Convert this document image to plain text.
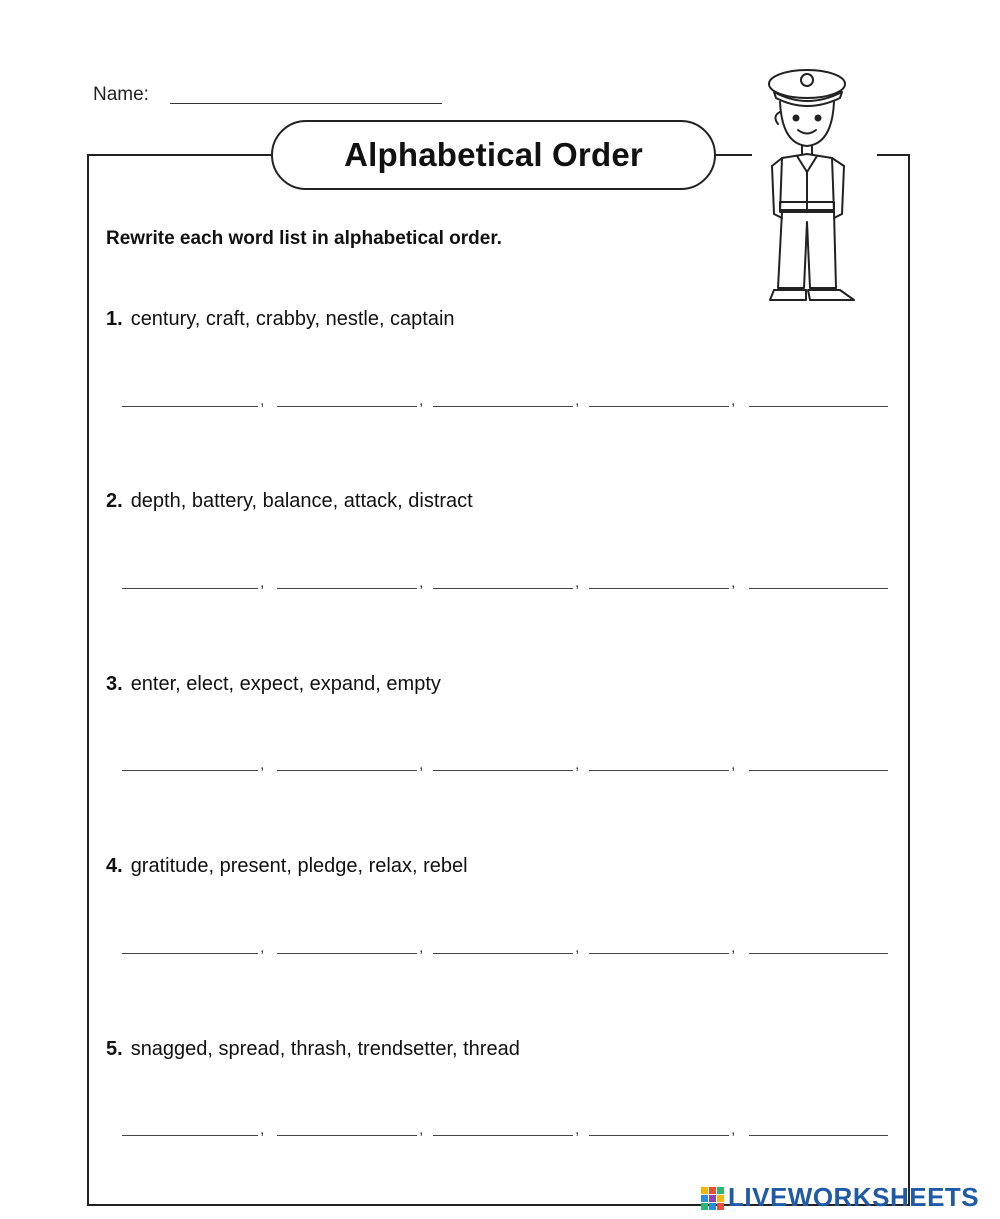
Name:
Alphabetical Order
Rewrite each word list in alphabetical order.
1. century, craft, crabby, nestle, captain
,	,	,	,
2. depth, battery, balance, attack, distract
,	,	,	,
3. enter, elect, expect, expand, empty
,	,	,	,
4. gratitude, present, pledge, relax, rebel
,	,	,	,
5. snagged, spread, thrash, trendsetter, thread
,	,	,	,
LIVEWORKSHEETS
